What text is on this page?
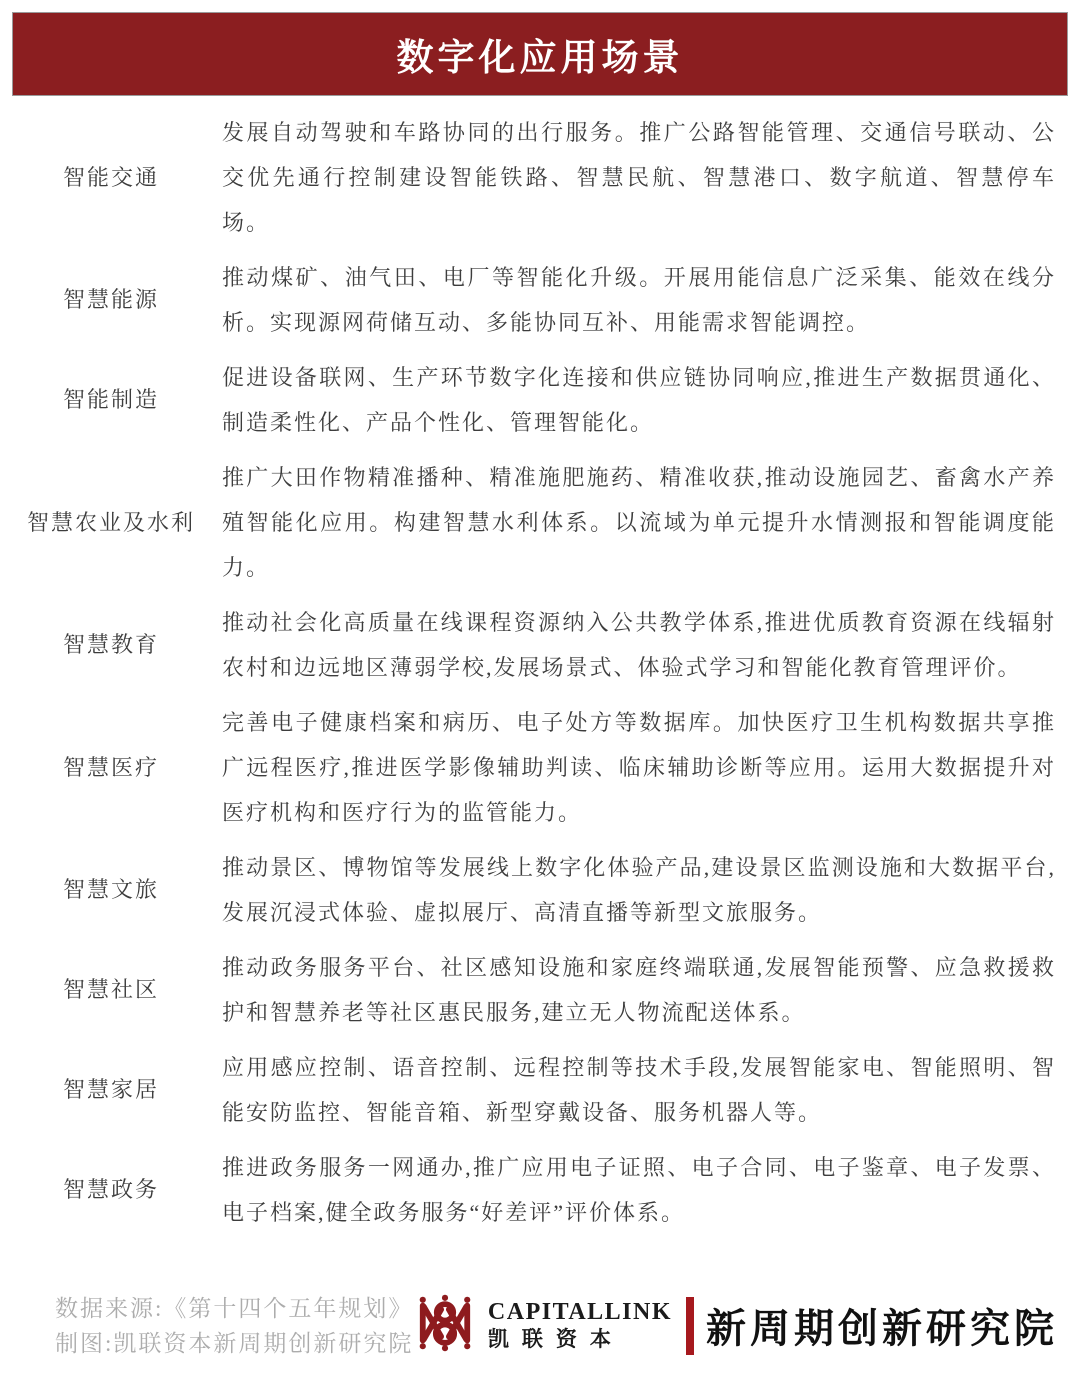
数字化应用场景
智能交通
发展自动驾驶和车路协同的出行服务。推广公路智能管理、交通信号联动、公交优先通行控制建设智能铁路、智慧民航、智慧港口、数字航道、智慧停车场。
智慧能源
推动煤矿、油气田、电厂等智能化升级。开展用能信息广泛采集、能效在线分析。实现源网荷储互动、多能协同互补、用能需求智能调控。
智能制造
促进设备联网、生产环节数字化连接和供应链协同响应,推进生产数据贯通化、制造柔性化、产品个性化、管理智能化。
智慧农业及水利
推广大田作物精准播种、精准施肥施药、精准收获,推动设施园艺、畜禽水产养殖智能化应用。构建智慧水利体系。以流域为单元提升水情测报和智能调度能力。
智慧教育
推动社会化高质量在线课程资源纳入公共教学体系,推进优质教育资源在线辐射农村和边远地区薄弱学校,发展场景式、体验式学习和智能化教育管理评价。
智慧医疗
完善电子健康档案和病历、电子处方等数据库。加快医疗卫生机构数据共享推广远程医疗,推进医学影像辅助判读、临床辅助诊断等应用。运用大数据提升对医疗机构和医疗行为的监管能力。
智慧文旅
推动景区、博物馆等发展线上数字化体验产品,建设景区监测设施和大数据平台,发展沉浸式体验、虚拟展厅、高清直播等新型文旅服务。
智慧社区
推动政务服务平台、社区感知设施和家庭终端联通,发展智能预警、应急救援救护和智慧养老等社区惠民服务,建立无人物流配送体系。
智慧家居
应用感应控制、语音控制、远程控制等技术手段,发展智能家电、智能照明、智能安防监控、智能音箱、新型穿戴设备、服务机器人等。
智慧政务
推进政务服务一网通办,推广应用电子证照、电子合同、电子鉴章、电子发票、电子档案,健全政务服务“好差评”评价体系。
数据来源:《第十四个五年规划》
制图:凯联资本新周期创新研究院
CAPITALLINK
凯联资本	新周期创新研究院
